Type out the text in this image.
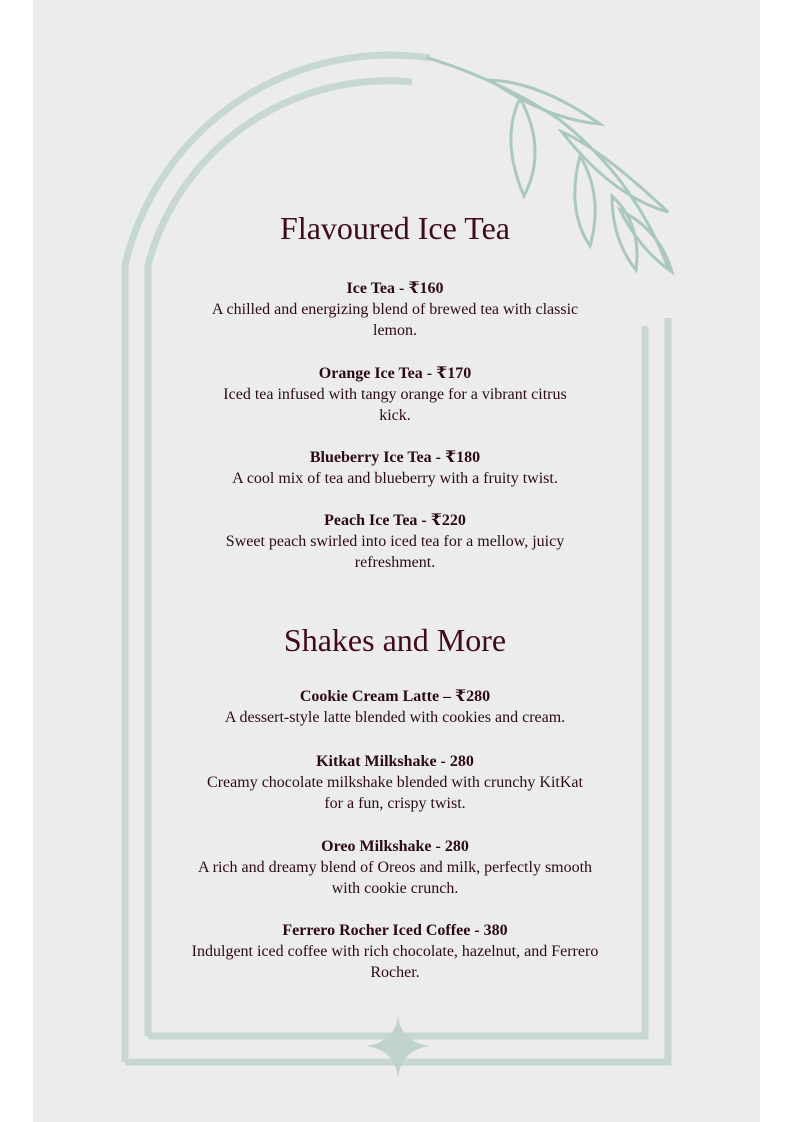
Flavoured Ice Tea
Ice Tea - ₹160
A chilled and energizing blend of brewed tea with classic lemon.
Orange Ice Tea - ₹170
Iced tea infused with tangy orange for a vibrant citrus kick.
Blueberry Ice Tea - ₹180
A cool mix of tea and blueberry with a fruity twist.
Peach Ice Tea - ₹220
Sweet peach swirled into iced tea for a mellow, juicy refreshment.
Shakes and More
Cookie Cream Latte – ₹280
A dessert-style latte blended with cookies and cream.
Kitkat Milkshake - 280
Creamy chocolate milkshake blended with crunchy KitKat for a fun, crispy twist.
Oreo Milkshake - 280
A rich and dreamy blend of Oreos and milk, perfectly smooth with cookie crunch.
Ferrero Rocher Iced Coffee - 380
Indulgent iced coffee with rich chocolate, hazelnut, and Ferrero Rocher.
